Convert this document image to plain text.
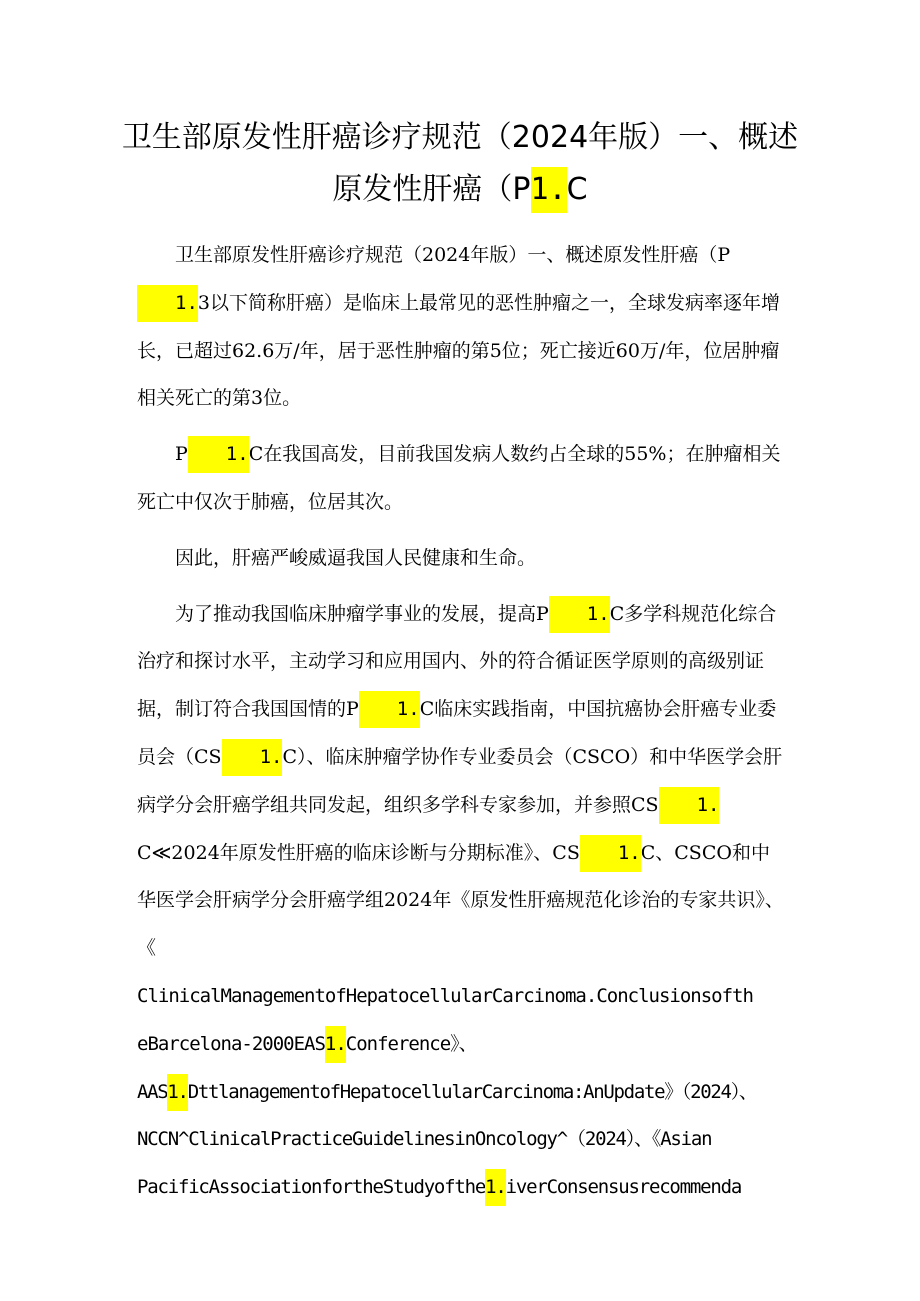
卫生部原发性肝癌诊疗规范（2024年版）一、概述
原发性肝癌（P1.C

卫生部原发性肝癌诊疗规范（2024年版）一、概述原发性肝癌（P1.3以下简称肝癌）是临床上最常见的恶性肿瘤之一，全球发病率逐年增长，已超过62.6万/年，居于恶性肿瘤的第5位；死亡接近60万/年，位居肿瘤相关死亡的第3位。

P 1.C在我国高发，目前我国发病人数约占全球的55%；在肿瘤相关死亡中仅次于肺癌，位居其次。

因此，肝癌严峻威逼我国人民健康和生命。

为了推动我国临床肿瘤学事业的发展，提高P 1.C多学科规范化综合治疗和探讨水平，主动学习和应用国内、外的符合循证医学原则的高级别证据，制订符合我国国情的P 1.C临床实践指南，中国抗癌协会肝癌专业委员会（CS 1.C）、临床肿瘤学协作专业委员会（CSCO）和中华医学会肝病学分会肝癌学组共同发起，组织多学科专家参加，并参照CS 1.C≪2024年原发性肝癌的临床诊断与分期标准》、CS 1.C、CSCO和中华医学会肝病学分会肝癌学组2024年《原发性肝癌规范化诊治的专家共识》、《

ClinicalManagementofHepatocellularCarcinoma.Conclusionsofth
eBarcelona-2000EAS1.Conference》、
AAS1.DttlanagementofHepatocellularCarcinoma:AnUpdate》（2024）、
NCCN^ClinicalPracticeGuidelinesinOncology^（2024）、《Asian
PacificAssociationfortheStudyofthe1.iverConsensusrecommenda
